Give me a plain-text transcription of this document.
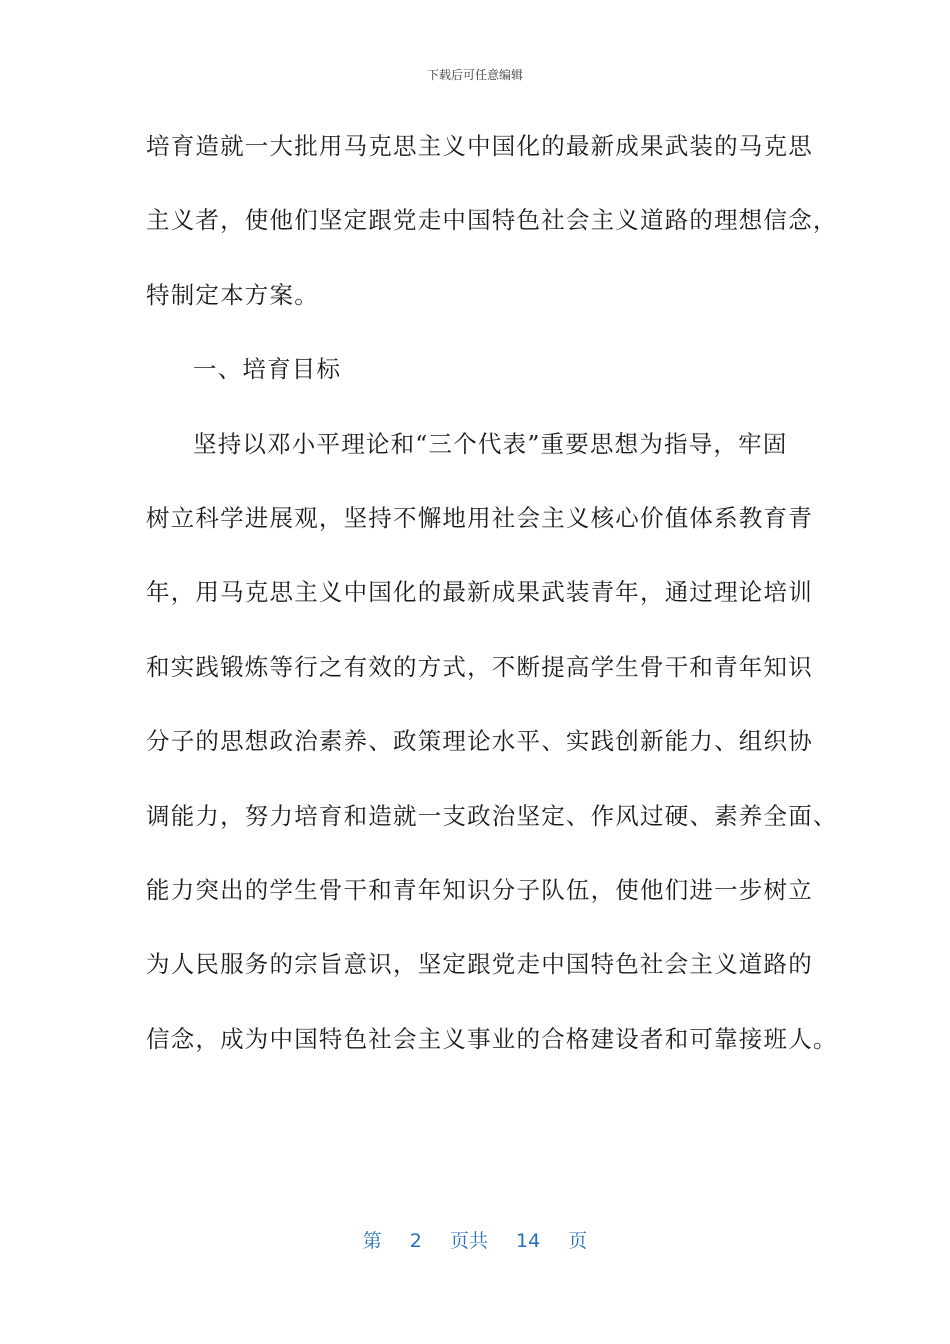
下载后可任意编辑
培育造就一大批用马克思主义中国化的最新成果武装的马克思
主义者，使他们坚定跟党走中国特色社会主义道路的理想信念，
特制定本方案。
一、培育目标
坚持以邓小平理论和“三个代表”重要思想为指导，牢固
树立科学进展观，坚持不懈地用社会主义核心价值体系教育青
年，用马克思主义中国化的最新成果武装青年，通过理论培训
和实践锻炼等行之有效的方式，不断提高学生骨干和青年知识
分子的思想政治素养、政策理论水平、实践创新能力、组织协
调能力，努力培育和造就一支政治坚定、作风过硬、素养全面、
能力突出的学生骨干和青年知识分子队伍，使他们进一步树立
为人民服务的宗旨意识，坚定跟党走中国特色社会主义道路的
信念，成为中国特色社会主义事业的合格建设者和可靠接班人。
第 2 页共 14 页
